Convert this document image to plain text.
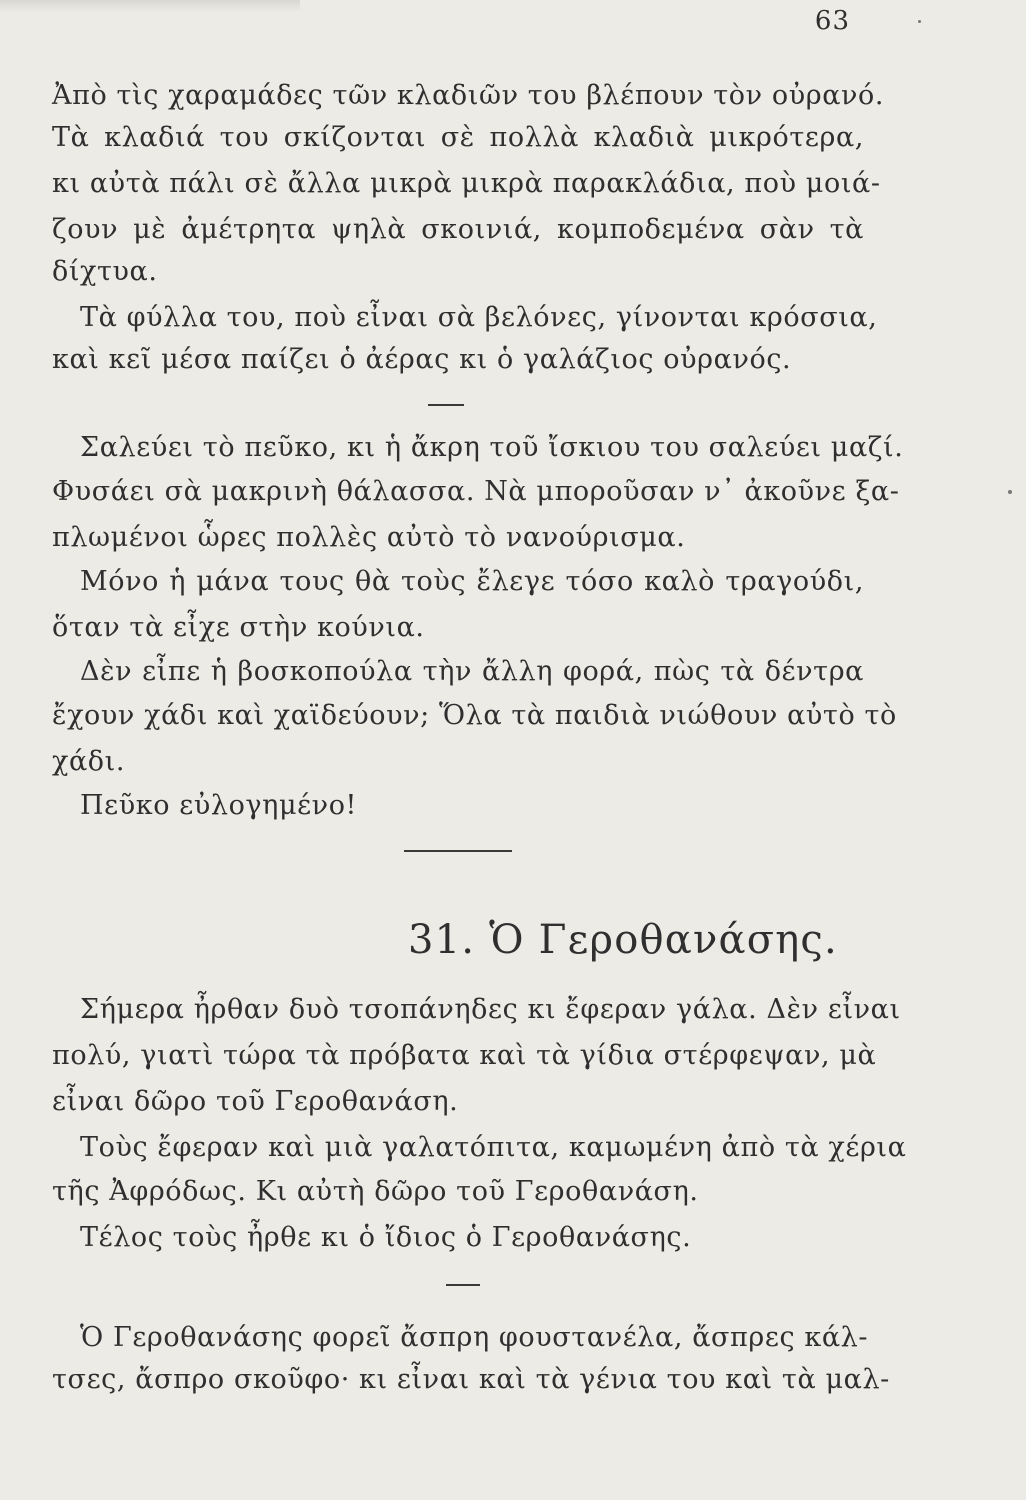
63
Ἀπὸ τὶς χαραμάδες τῶν κλαδιῶν του βλέπουν τὸν οὐρανό.
Τὰ κλαδιά του σκίζονται σὲ πολλὰ κλαδιὰ μικρότερα,
κι αὐτὰ πάλι σὲ ἄλλα μικρὰ μικρὰ παρακλάδια, ποὺ μοιά-
ζουν μὲ ἀμέτρητα ψηλὰ σκοινιά, κομποδεμένα σὰν τὰ
δίχτυα.
Τὰ φύλλα του, ποὺ εἶναι σὰ βελόνες, γίνονται κρόσσια,
καὶ κεῖ μέσα παίζει ὁ ἀέρας κι ὁ γαλάζιος οὐρανός.
Σαλεύει τὸ πεῦκο, κι ἡ ἄκρη τοῦ ἴσκιου του σαλεύει μαζί.
Φυσάει σὰ μακρινὴ θάλασσα. Νὰ μποροῦσαν ν᾽ ἀκοῦνε ξα-
πλωμένοι ὧρες πολλὲς αὐτὸ τὸ νανούρισμα.
Μόνο ἡ μάνα τους θὰ τοὺς ἔλεγε τόσο καλὸ τραγούδι,
ὅταν τὰ εἶχε στὴν κούνια.
Δὲν εἶπε ἡ βοσκοπούλα τὴν ἄλλη φορά, πὼς τὰ δέντρα
ἔχουν χάδι καὶ χαϊδεύουν; Ὅλα τὰ παιδιὰ νιώθουν αὐτὸ τὸ
χάδι.
Πεῦκο εὐλογημένο!
31. Ὁ Γεροθανάσης.
Σήμερα ἦρθαν δυὸ τσοπάνηδες κι ἔφεραν γάλα. Δὲν εἶναι
πολύ, γιατὶ τώρα τὰ πρόβατα καὶ τὰ γίδια στέρφεψαν, μὰ
εἶναι δῶρο τοῦ Γεροθανάση.
Τοὺς ἔφεραν καὶ μιὰ γαλατόπιτα, καμωμένη ἀπὸ τὰ χέρια
τῆς Ἀφρόδως. Κι αὐτὴ δῶρο τοῦ Γεροθανάση.
Τέλος τοὺς ἦρθε κι ὁ ἴδιος ὁ Γεροθανάσης.
Ὁ Γεροθανάσης φορεῖ ἄσπρη φουστανέλα, ἄσπρες κάλ-
τσες, ἄσπρο σκοῦφο· κι εἶναι καὶ τὰ γένια του καὶ τὰ μαλ-
